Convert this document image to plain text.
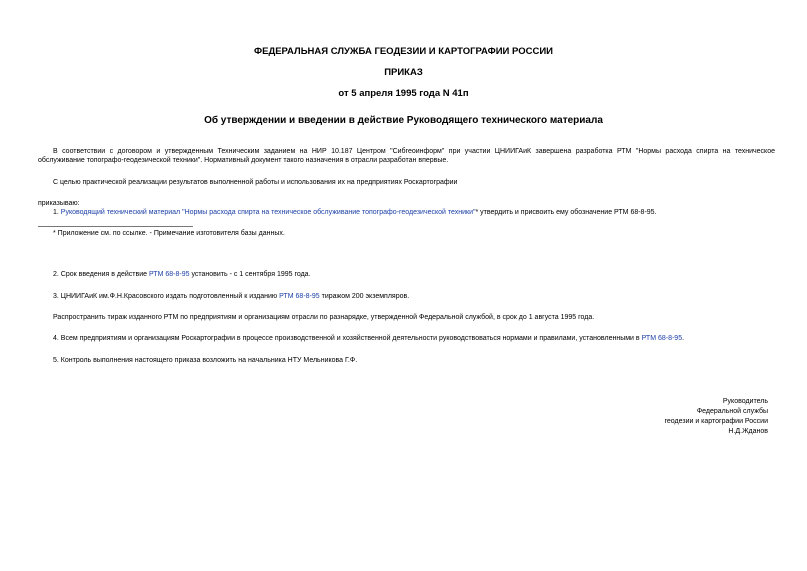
ФЕДЕРАЛЬНАЯ СЛУЖБА ГЕОДЕЗИИ И КАРТОГРАФИИ РОССИИ
ПРИКАЗ
от 5 апреля 1995 года N 41п
Об утверждении и введении в действие Руководящего технического материала
В соответствии с договором и утвержденным Техническим заданием на НИР 10.187 Центром "Сибгеоинформ" при участии ЦНИИГАиК завершена разработка РТМ "Нормы расхода спирта на техническое
обслуживание топографо-геодезической техники". Нормативный документ такого назначения в отрасли разработан впервые.
С целью практической реализации результатов выполненной работы и использования их на предприятиях Роскартографии
приказываю:
1. Руководящий технический материал "Нормы расхода спирта на техническое обслуживание топографо-геодезической техники"* утвердить и присвоить ему обозначение РТМ 68-8-95.
* Приложение см. по ссылке. - Примечание изготовителя базы данных.
2. Срок введения в действие РТМ 68-8-95 установить - с 1 сентября 1995 года.
3. ЦНИИГАиК им.Ф.Н.Красовского издать подготовленный к изданию РТМ 68-8-95 тиражом 200 экземпляров.
Распространить тираж изданного РТМ по предприятиям и организациям отрасли по разнарядке, утвержденной Федеральной службой, в срок до 1 августа 1995 года.
4. Всем предприятиям и организациям Роскартографии в процессе производственной и хозяйственной деятельности руководствоваться нормами и правилами, установленными в РТМ 68-8-95.
5. Контроль выполнения настоящего приказа возложить на начальника НТУ Мельникова Г.Ф.
Руководитель
Федеральной службы
геодезии и картографии России
Н.Д.Жданов
